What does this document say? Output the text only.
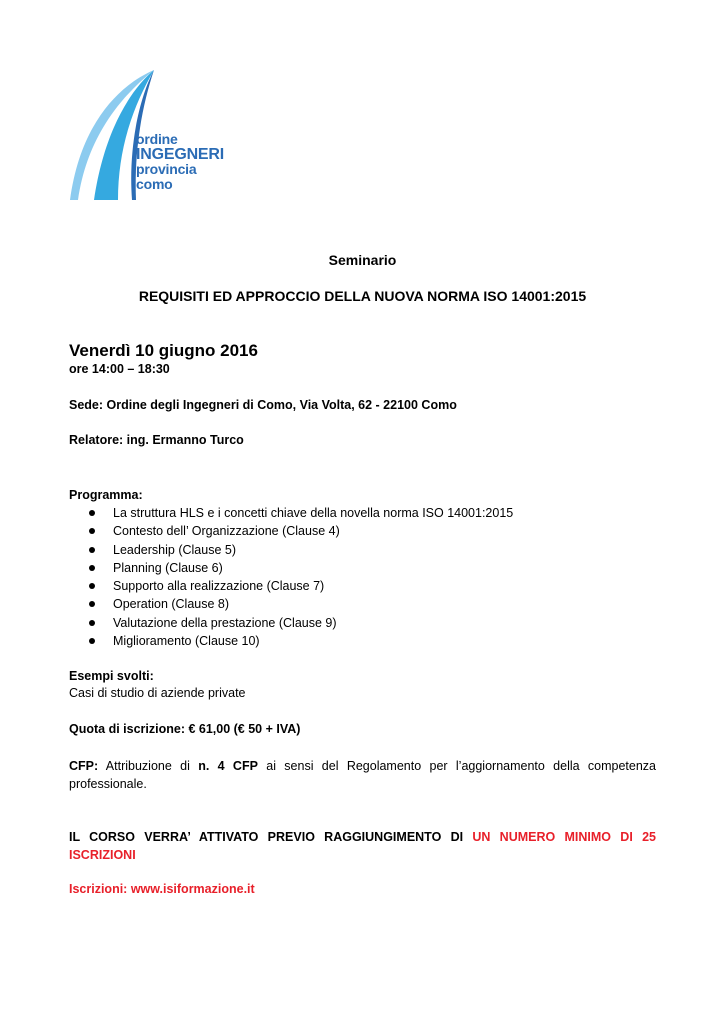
ordine
INGEGNERI
provincia
como
Seminario
REQUISITI ED APPROCCIO DELLA NUOVA NORMA ISO 14001:2015
Venerdì 10 giugno 2016
ore 14:00 – 18:30
Sede: Ordine degli Ingegneri di Como, Via Volta, 62 - 22100 Como
Relatore: ing. Ermanno Turco
Programma:
La struttura HLS e i concetti chiave della novella norma ISO 14001:2015
Contesto dell’ Organizzazione (Clause 4)
Leadership (Clause 5)
Planning (Clause 6)
Supporto alla realizzazione (Clause 7)
Operation (Clause 8)
Valutazione della prestazione (Clause 9)
Miglioramento (Clause 10)
Esempi svolti:
Casi di studio di aziende private
Quota di iscrizione: € 61,00 (€ 50 + IVA)
CFP: Attribuzione di n. 4 CFP ai sensi del Regolamento per l’aggiornamento della competenza professionale.
IL CORSO VERRA’ ATTIVATO PREVIO RAGGIUNGIMENTO DI UN NUMERO MINIMO DI 25 ISCRIZIONI
Iscrizioni: www.isiformazione.it
